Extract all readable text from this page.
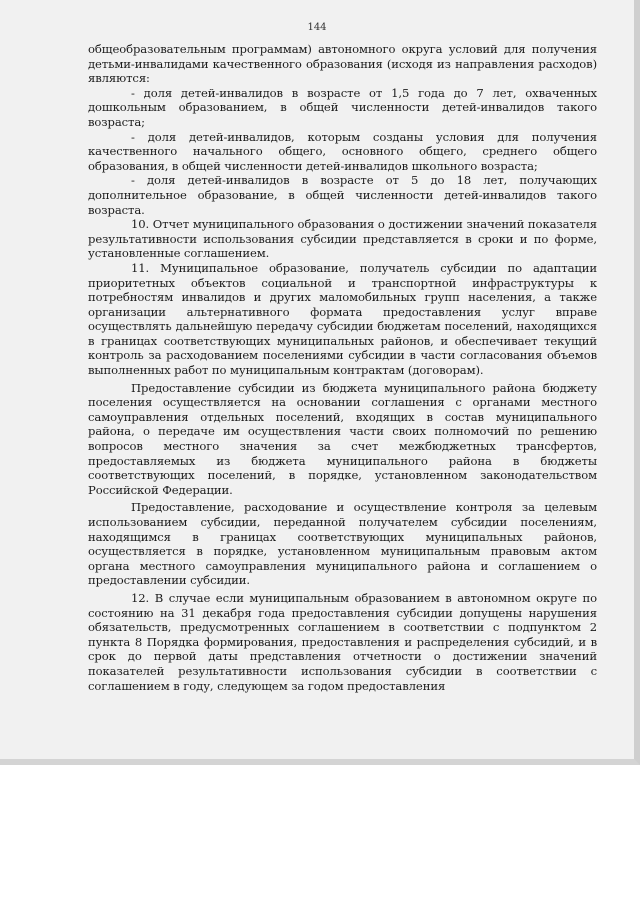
144

общеобразовательным программам) автономного округа условий для получения детьми-инвалидами качественного образования (исходя из направления расходов) являются:

- доля детей-инвалидов в возрасте от 1,5 года до 7 лет, охваченных дошкольным образованием, в общей численности детей-инвалидов такого возраста;

- доля детей-инвалидов, которым созданы условия для получения качественного начального общего, основного общего, среднего общего образования, в общей численности детей-инвалидов школьного возраста;

- доля детей-инвалидов в возрасте от 5 до 18 лет, получающих дополнительное образование, в общей численности детей-инвалидов такого возраста.

10. Отчет муниципального образования о достижении значений показателя результативности использования субсидии представляется в сроки и по форме, установленные соглашением.

11. Муниципальное образование, получатель субсидии по адаптации приоритетных объектов социальной и транспортной инфраструктуры к потребностям инвалидов и других маломобильных групп населения, а также организации альтернативного формата предоставления услуг вправе осуществлять дальнейшую передачу субсидии бюджетам поселений, находящихся в границах соответствующих муниципальных районов, и обеспечивает текущий контроль за расходованием поселениями субсидии в части согласования объемов выполненных работ по муниципальным контрактам (договорам).

Предоставление субсидии из бюджета муниципального района бюджету поселения осуществляется на основании соглашения с органами местного самоуправления отдельных поселений, входящих в состав муниципального района, о передаче им осуществления части своих полномочий по решению вопросов местного значения за счет межбюджетных трансфертов, предоставляемых из бюджета муниципального района в бюджеты соответствующих поселений, в порядке, установленном законодательством Российской Федерации.

Предоставление, расходование и осуществление контроля за целевым использованием субсидии, переданной получателем субсидии поселениям, находящимся в границах соответствующих муниципальных районов, осуществляется в порядке, установленном муниципальным правовым актом органа местного самоуправления муниципального района и соглашением о предоставлении субсидии.

12. В случае если муниципальным образованием в автономном округе по состоянию на 31 декабря года предоставления субсидии допущены нарушения обязательств, предусмотренных соглашением в соответствии с подпунктом 2 пункта 8 Порядка формирования, предоставления и распределения субсидий, и в срок до первой даты представления отчетности о достижении значений показателей результативности использования субсидии в соответствии с соглашением в году, следующем за годом предоставления
